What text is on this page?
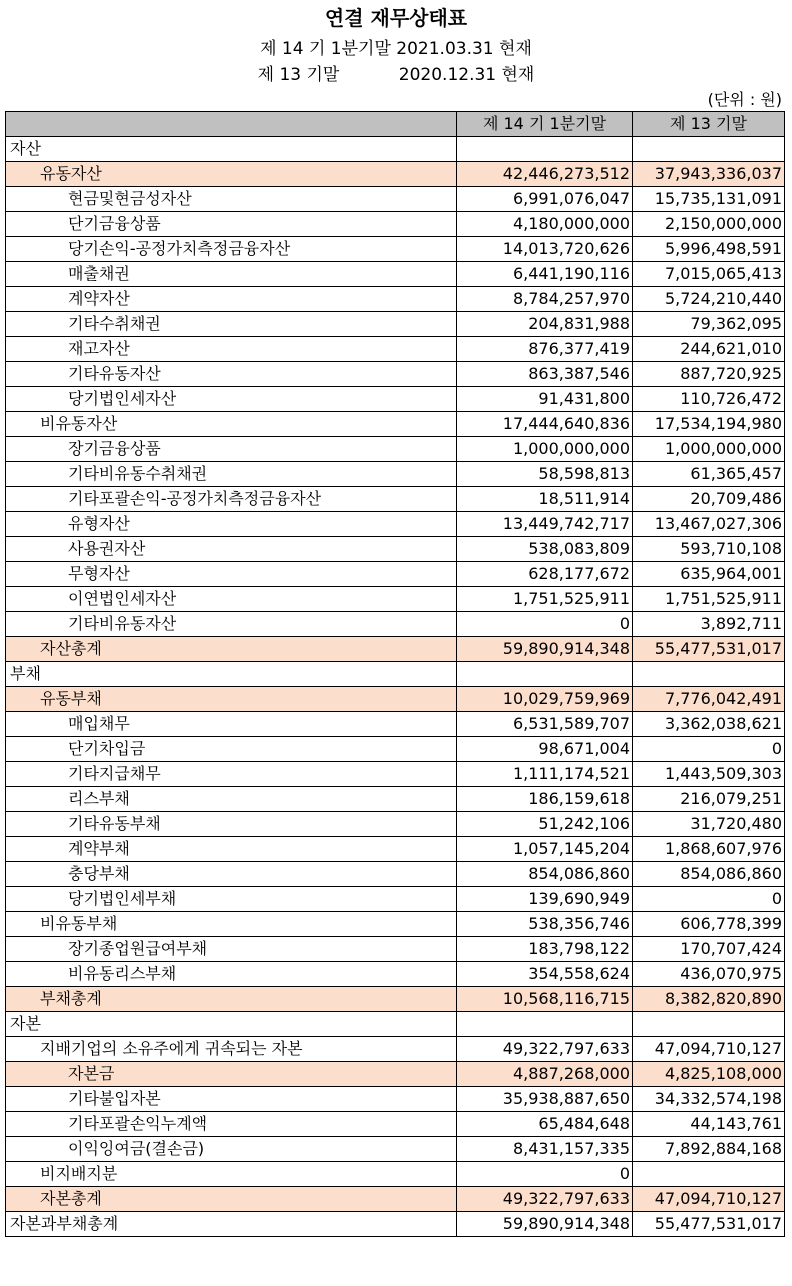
연결 재무상태표
제 14 기 1분기말 2021.03.31 현재
제 13 기말           2020.12.31 현재
(단위 : 원)
	제 14 기 1분기말	제 13 기말
자산		
유동자산	42,446,273,512	37,943,336,037
현금및현금성자산	6,991,076,047	15,735,131,091
단기금융상품	4,180,000,000	2,150,000,000
당기손익-공정가치측정금융자산	14,013,720,626	5,996,498,591
매출채권	6,441,190,116	7,015,065,413
계약자산	8,784,257,970	5,724,210,440
기타수취채권	204,831,988	79,362,095
재고자산	876,377,419	244,621,010
기타유동자산	863,387,546	887,720,925
당기법인세자산	91,431,800	110,726,472
비유동자산	17,444,640,836	17,534,194,980
장기금융상품	1,000,000,000	1,000,000,000
기타비유동수취채권	58,598,813	61,365,457
기타포괄손익-공정가치측정금융자산	18,511,914	20,709,486
유형자산	13,449,742,717	13,467,027,306
사용권자산	538,083,809	593,710,108
무형자산	628,177,672	635,964,001
이연법인세자산	1,751,525,911	1,751,525,911
기타비유동자산	0	3,892,711
자산총계	59,890,914,348	55,477,531,017
부채		
유동부채	10,029,759,969	7,776,042,491
매입채무	6,531,589,707	3,362,038,621
단기차입금	98,671,004	0
기타지급채무	1,111,174,521	1,443,509,303
리스부채	186,159,618	216,079,251
기타유동부채	51,242,106	31,720,480
계약부채	1,057,145,204	1,868,607,976
충당부채	854,086,860	854,086,860
당기법인세부채	139,690,949	0
비유동부채	538,356,746	606,778,399
장기종업원급여부채	183,798,122	170,707,424
비유동리스부채	354,558,624	436,070,975
부채총계	10,568,116,715	8,382,820,890
자본		
지배기업의 소유주에게 귀속되는 자본	49,322,797,633	47,094,710,127
자본금	4,887,268,000	4,825,108,000
기타불입자본	35,938,887,650	34,332,574,198
기타포괄손익누계액	65,484,648	44,143,761
이익잉여금(결손금)	8,431,157,335	7,892,884,168
비지배지분	0	
자본총계	49,322,797,633	47,094,710,127
자본과부채총계	59,890,914,348	55,477,531,017
